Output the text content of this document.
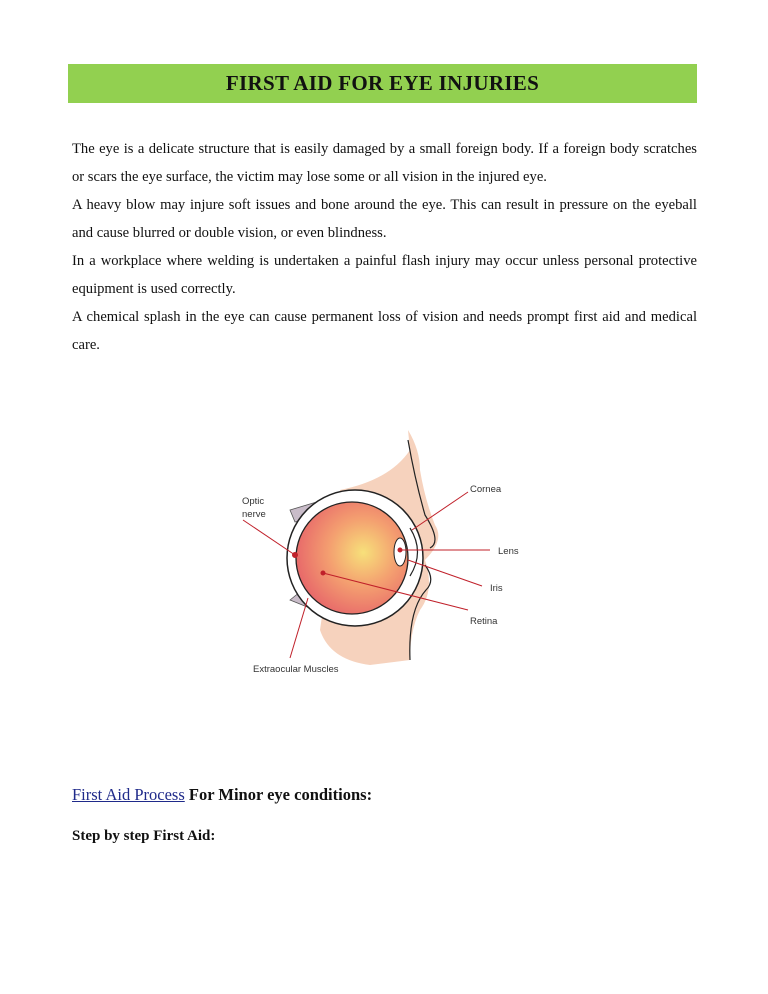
FIRST AID FOR EYE INJURIES

The eye is a delicate structure that is easily damaged by a small foreign body. If a foreign body scratches or scars the eye surface, the victim may lose some or all vision in the injured eye.

A heavy blow may injure soft issues and bone around the eye. This can result in pressure on the eyeball and cause blurred or double vision, or even blindness.

In a workplace where welding is undertaken a painful flash injury may occur unless personal protective equipment is used correctly.

A chemical splash in the eye can cause permanent loss of vision and needs prompt first aid and medical care.

Optic
nerve
Cornea
Lens
Iris
Retina
Extraocular Muscles
First Aid Process For Minor eye conditions:
Step by step First Aid:
